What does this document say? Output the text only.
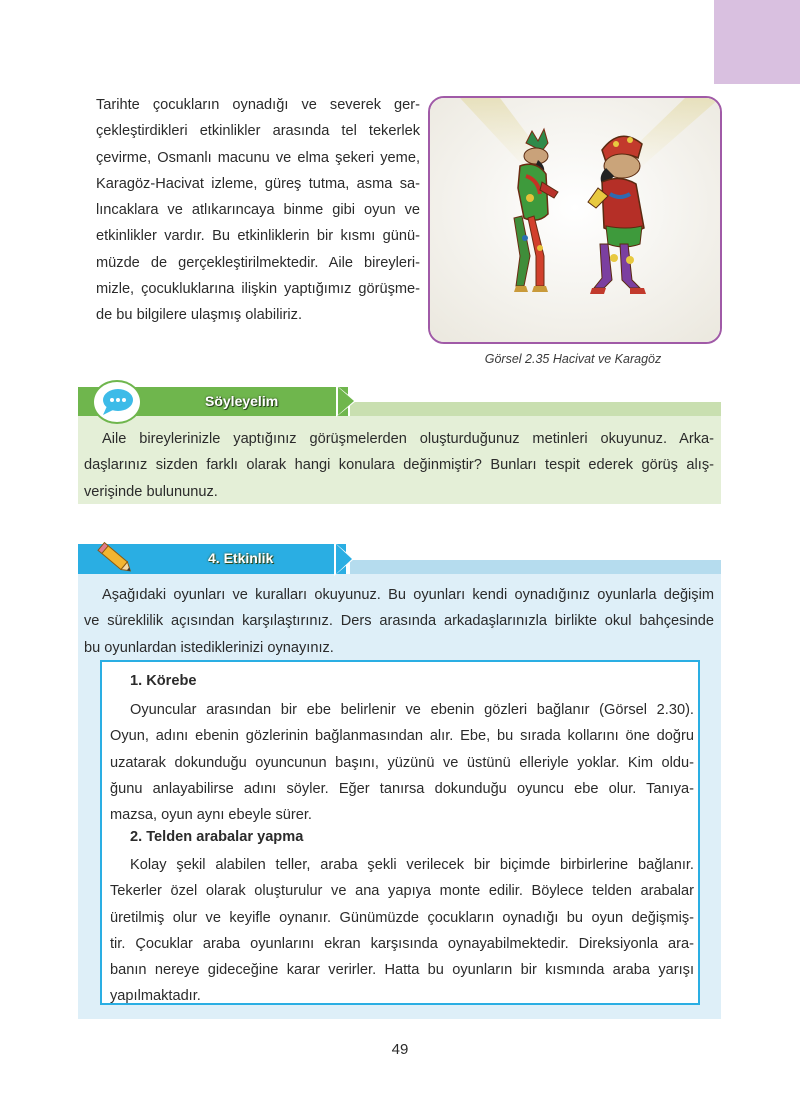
Tarihte çocukların oynadığı ve severek ger-
çekleştirdikleri etkinlikler arasında tel tekerlek
çevirme, Osmanlı macunu ve elma şekeri yeme,
Karagöz-Hacivat izleme, güreş tutma, asma sa-
lıncaklara ve atlıkarıncaya binme gibi oyun ve
etkinlikler vardır. Bu etkinliklerin bir kısmı günü-
müzde de gerçekleştirilmektedir. Aile bireyleri-
mizle, çocukluklarına ilişkin yaptığımız görüşme-
de bu bilgilere ulaşmış olabiliriz.
Görsel 2.35 Hacivat ve Karagöz
Söyleyelim
Aile bireylerinizle yaptığınız görüşmelerden oluşturduğunuz metinleri okuyunuz. Arka-
daşlarınız sizden farklı olarak hangi konulara değinmiştir? Bunları tespit ederek görüş alış-
verişinde bulununuz.
4. Etkinlik
Aşağıdaki oyunları ve kuralları okuyunuz. Bu oyunları kendi oynadığınız oyunlarla değişim
ve süreklilik açısından karşılaştırınız. Ders arasında arkadaşlarınızla birlikte okul bahçesinde
bu oyunlardan istediklerinizi oynayınız.
1. Körebe
Oyuncular arasından bir ebe belirlenir ve ebenin gözleri bağlanır (Görsel 2.30).
Oyun, adını ebenin gözlerinin bağlanmasından alır. Ebe, bu sırada kollarını öne doğru
uzatarak dokunduğu oyuncunun başını, yüzünü ve üstünü elleriyle yoklar. Kim oldu-
ğunu anlayabilirse adını söyler. Eğer tanırsa dokunduğu oyuncu ebe olur. Tanıya-
mazsa, oyun aynı ebeyle sürer.
2. Telden arabalar yapma
Kolay şekil alabilen teller, araba şekli verilecek bir biçimde birbirlerine bağlanır.
Tekerler özel olarak oluşturulur ve ana yapıya monte edilir. Böylece telden arabalar
üretilmiş olur ve keyifle oynanır. Günümüzde çocukların oynadığı bu oyun değişmiş-
tir. Çocuklar araba oyunlarını ekran karşısında oynayabilmektedir. Direksiyonla ara-
banın nereye gideceğine karar verirler. Hatta bu oyunların bir kısmında araba yarışı
yapılmaktadır.
49
